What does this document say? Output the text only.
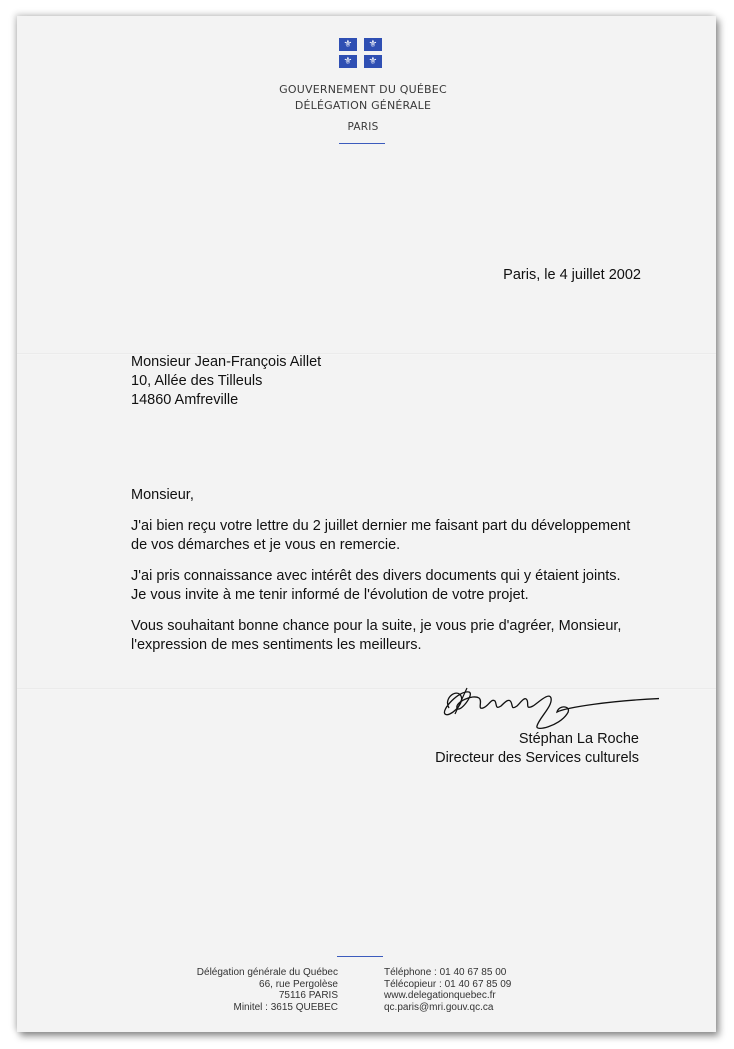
⚜	⚜
⚜	⚜
GOUVERNEMENT DU QUÉBEC
DÉLÉGATION GÉNÉRALE
PARIS
Paris, le 4 juillet 2002
Monsieur Jean-François Aillet
10, Allée des Tilleuls
14860 Amfreville

Monsieur,

J'ai bien reçu votre lettre du 2 juillet dernier me faisant part du développement
de vos démarches et je vous en remercie.

J'ai pris connaissance avec intérêt des divers documents qui y étaient joints.
Je vous invite à me tenir informé de l'évolution de votre projet.

Vous souhaitant bonne chance pour la suite, je vous prie d'agréer, Monsieur,
l'expression de mes sentiments les meilleurs.

Stéphan La Roche
Directeur des Services culturels
Délégation générale du Québec
66, rue Pergolèse
75116 PARIS
Minitel : 3615 QUEBEC
Téléphone : 01 40 67 85 00
Télécopieur : 01 40 67 85 09
www.delegationquebec.fr
qc.paris@mri.gouv.qc.ca
